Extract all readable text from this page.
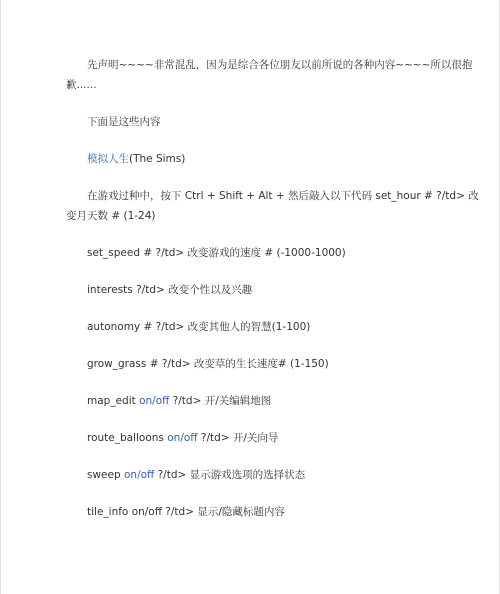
先声明~~~~非常混乱，因为是综合各位朋友以前所说的各种内容~~~~所以很抱

歉......

下面是这些内容

模拟人生(The Sims)

在游戏过种中，按下 Ctrl + Shift + Alt + 然后敲入以下代码 set_hour # ?/td> 改

变月天数 # (1-24)

set_speed # ?/td> 改变游戏的速度 # (-1000-1000)

interests ?/td> 改变个性以及兴趣

autonomy # ?/td> 改变其他人的智慧(1-100)

grow_grass # ?/td> 改变草的生长速度# (1-150)

map_edit on/off ?/td> 开/关编辑地图

route_balloons on/off ?/td> 开/关向导

sweep on/off ?/td> 显示游戏选项的选择状态

tile_info on/off ?/td> 显示/隐藏标题内容
